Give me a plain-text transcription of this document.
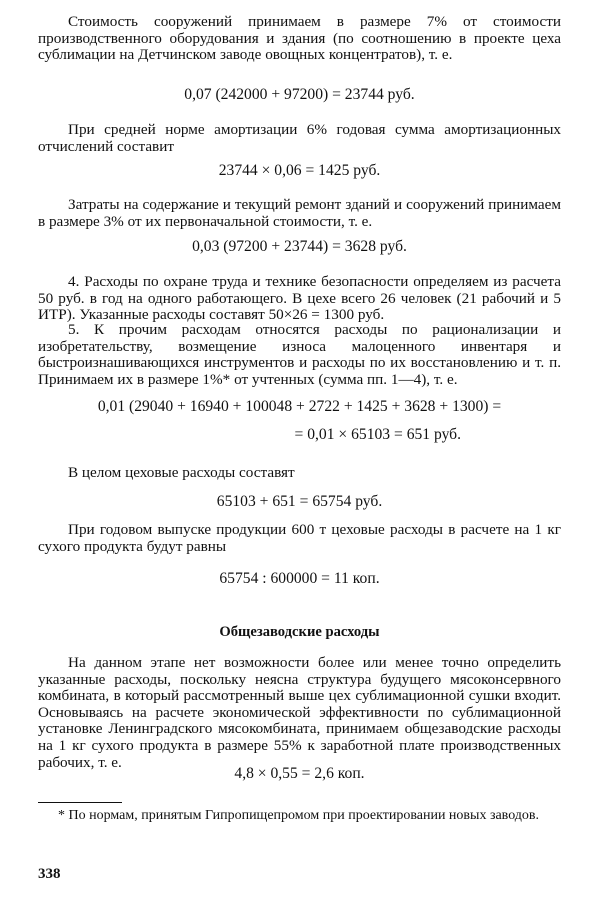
Стоимость сооружений принимаем в размере 7% от стоимости производственного оборудования и здания (по соотношению в проекте цеха сублимации на Детчинском заводе овощных концентратов), т. е.

0,07 (242000 + 97200) = 23744 руб.

При средней норме амортизации 6% годовая сумма амортизационных отчислений составит

23744 × 0,06 = 1425 руб.

Затраты на содержание и текущий ремонт зданий и сооружений принимаем в размере 3% от их первоначальной стоимости, т. е.

0,03 (97200 + 23744) = 3628 руб.

4. Расходы по охране труда и технике безопасности определяем из расчета 50 руб. в год на одного работающего. В цехе всего 26 человек (21 рабочий и 5 ИТР). Указанные расходы составят 50×26 = 1300 руб.

5. К прочим расходам относятся расходы по рационализации и изобретательству, возмещение износа малоценного инвентаря и быстроизнашивающихся инструментов и расходы по их восстановлению и т. п. Принимаем их в размере 1%* от учтенных (сумма пп. 1—4), т. е.

0,01 (29040 + 16940 + 100048 + 2722 + 1425 + 3628 + 1300) =
= 0,01 × 65103 = 651 руб.

В целом цеховые расходы составят

65103 + 651 = 65754 руб.

При годовом выпуске продукции 600 т цеховые расходы в расчете на 1 кг сухого продукта будут равны

65754 : 600000 = 11 коп.
Общезаводские расходы

На данном этапе нет возможности более или менее точно определить указанные расходы, поскольку неясна структура будущего мясоконсервного комбината, в который рассмотренный выше цех сублимационной сушки входит. Основываясь на расчете экономической эффективности по сублимационной установке Ленинградского мясокомбината, принимаем общезаводские расходы на 1 кг сухого продукта в размере 55% к заработной плате производственных рабочих, т. е.

4,8 × 0,55 = 2,6 коп.

* По нормам, принятым Гипропищепромом при проектировании новых заводов.

338
